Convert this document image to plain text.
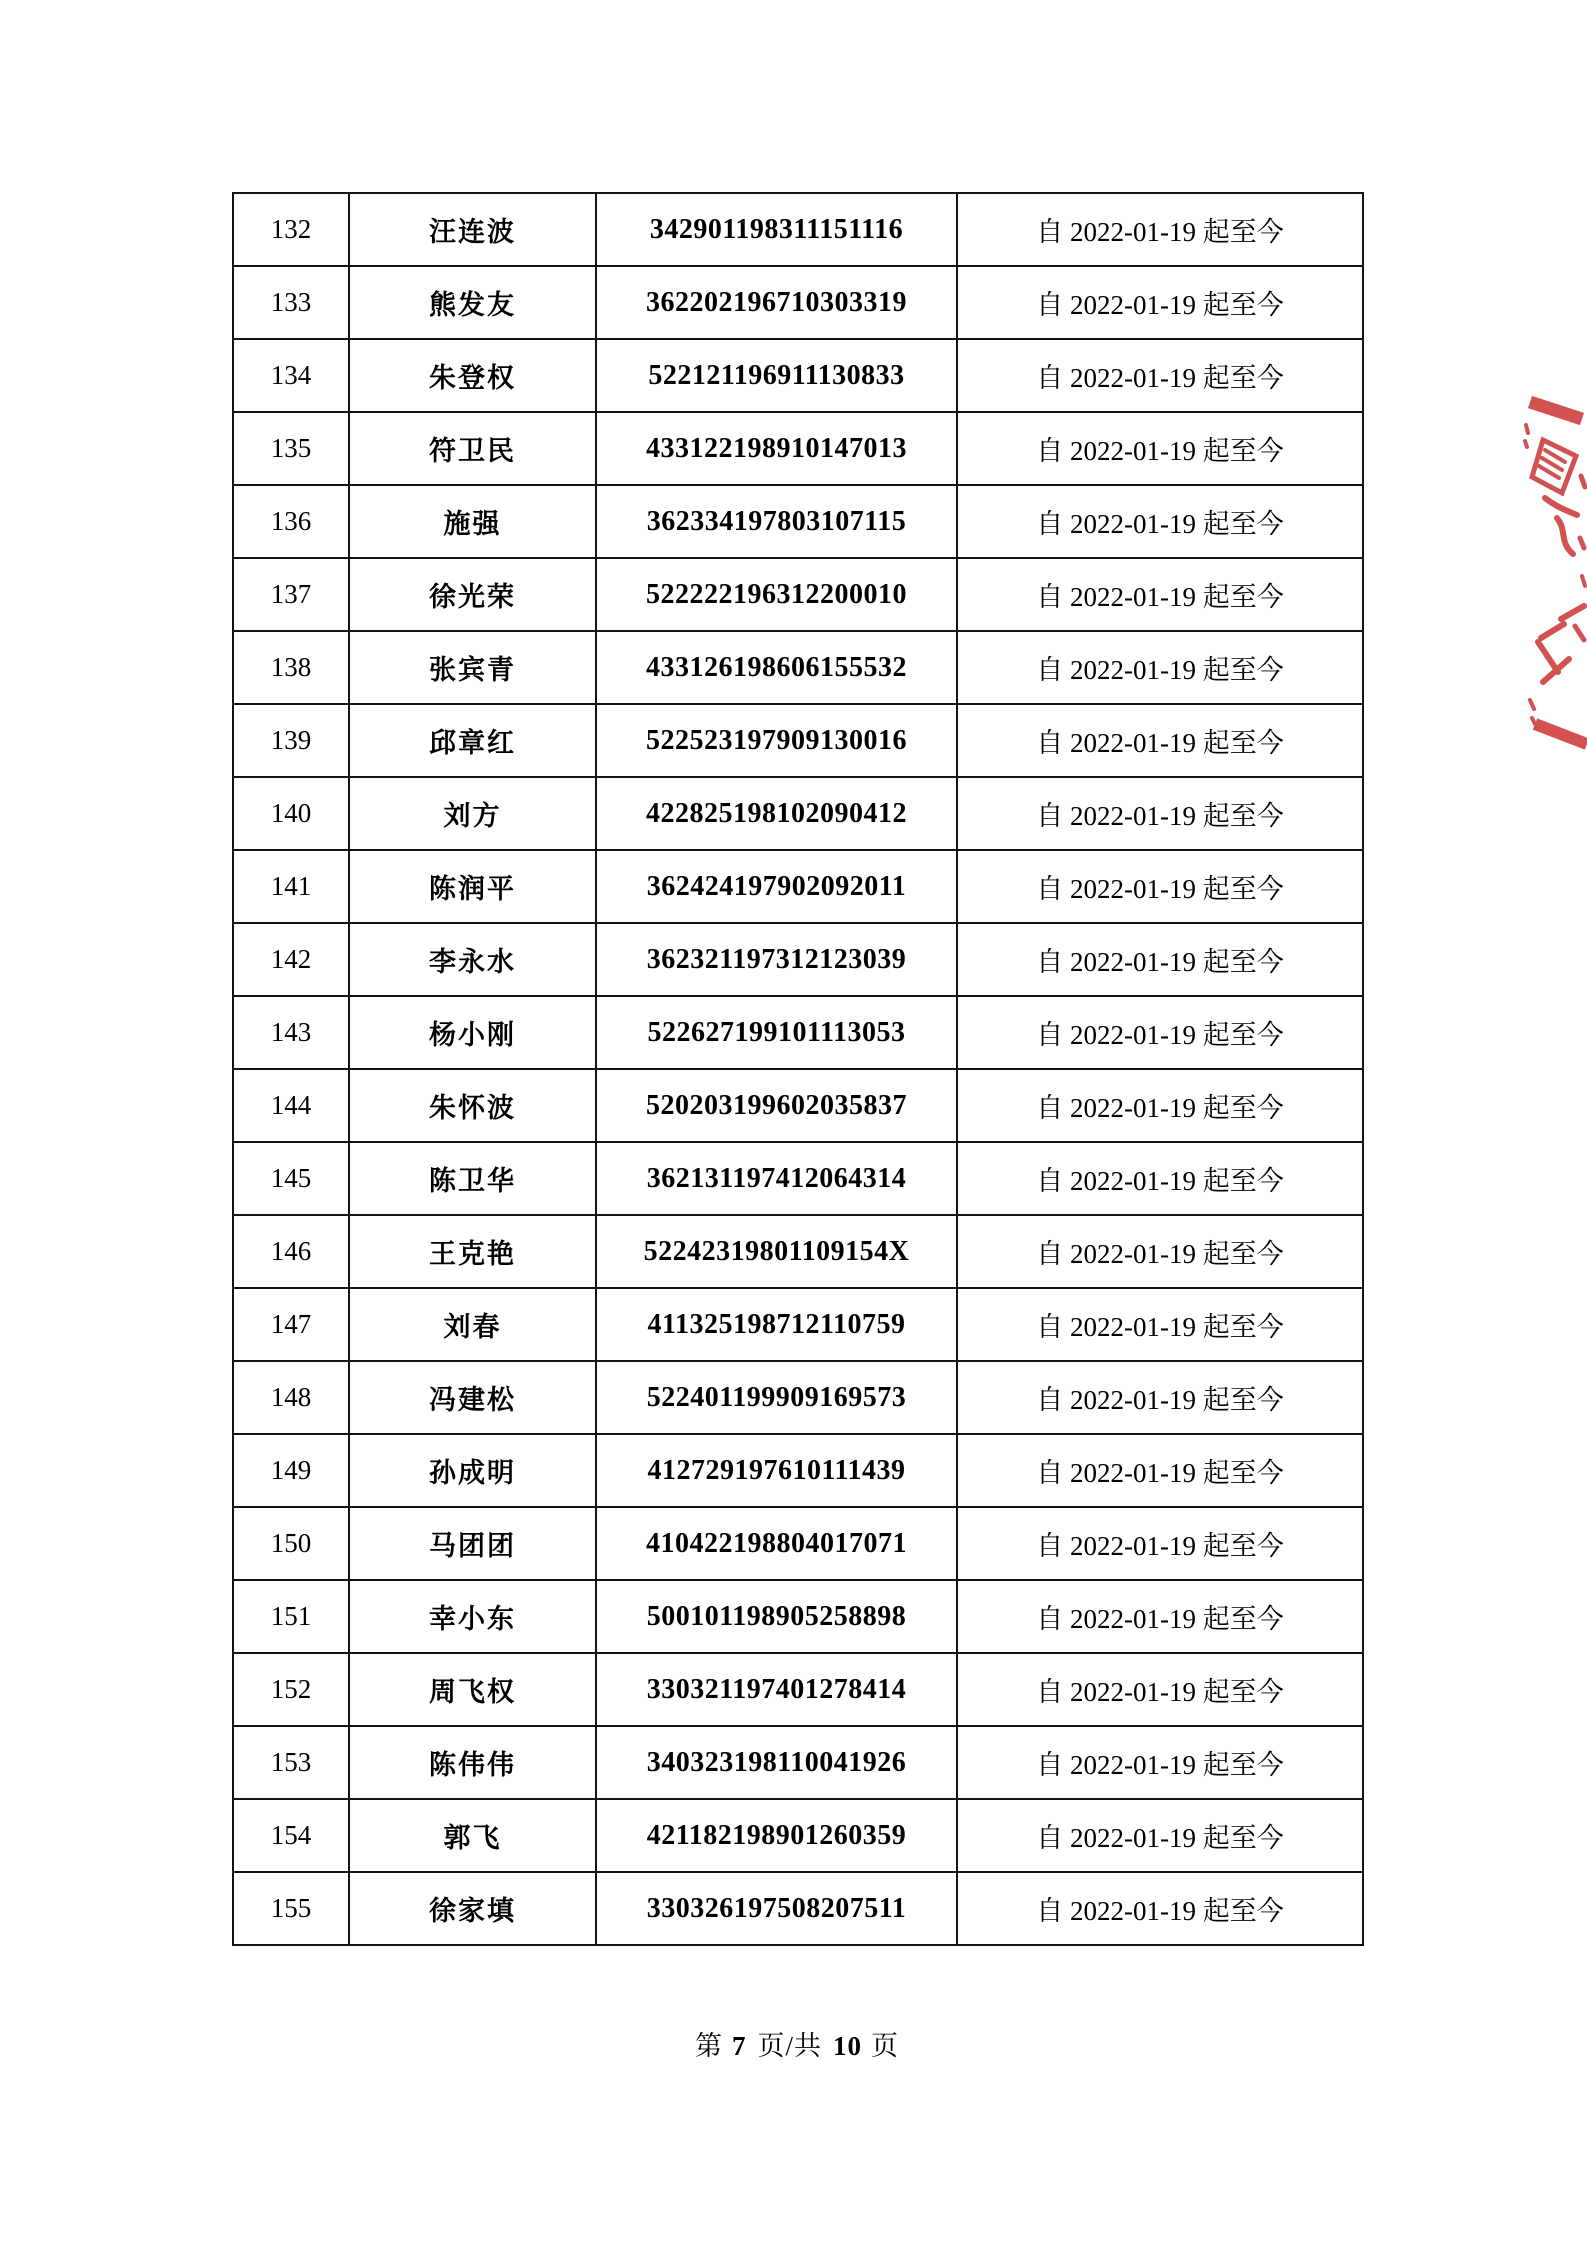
132	汪连波	342901198311151116	自 2022-01-19 起至今
133	熊发友	362202196710303319	自 2022-01-19 起至今
134	朱登权	522121196911130833	自 2022-01-19 起至今
135	符卫民	433122198910147013	自 2022-01-19 起至今
136	施强	362334197803107115	自 2022-01-19 起至今
137	徐光荣	522222196312200010	自 2022-01-19 起至今
138	张宾青	433126198606155532	自 2022-01-19 起至今
139	邱章红	522523197909130016	自 2022-01-19 起至今
140	刘方	422825198102090412	自 2022-01-19 起至今
141	陈润平	362424197902092011	自 2022-01-19 起至今
142	李永水	362321197312123039	自 2022-01-19 起至今
143	杨小刚	522627199101113053	自 2022-01-19 起至今
144	朱怀波	520203199602035837	自 2022-01-19 起至今
145	陈卫华	362131197412064314	自 2022-01-19 起至今
146	王克艳	52242319801109154X	自 2022-01-19 起至今
147	刘春	411325198712110759	自 2022-01-19 起至今
148	冯建松	522401199909169573	自 2022-01-19 起至今
149	孙成明	412729197610111439	自 2022-01-19 起至今
150	马团团	410422198804017071	自 2022-01-19 起至今
151	幸小东	500101198905258898	自 2022-01-19 起至今
152	周飞权	330321197401278414	自 2022-01-19 起至今
153	陈伟伟	340323198110041926	自 2022-01-19 起至今
154	郭飞	421182198901260359	自 2022-01-19 起至今
155	徐家填	330326197508207511	自 2022-01-19 起至今
第 7 页/共 10 页
